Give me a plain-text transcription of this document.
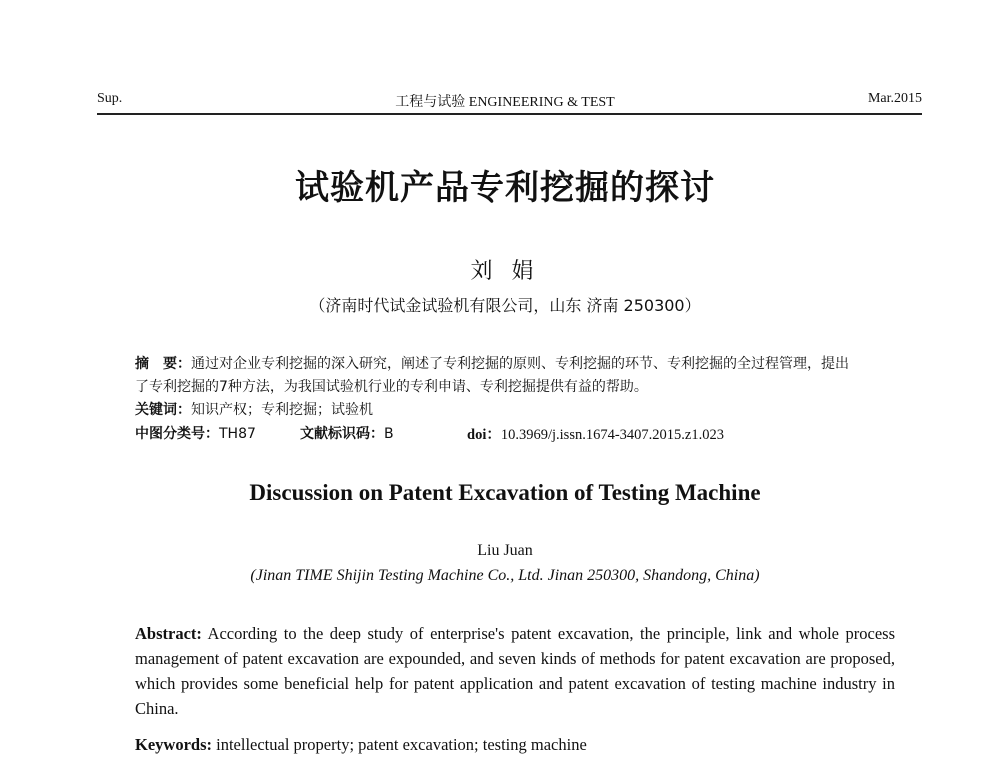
Sup.	工程与试验 ENGINEERING & TEST	Mar.2015
试验机产品专利挖掘的探讨
刘 娟
（济南时代试金试验机有限公司，山东 济南 250300）
摘　要：通过对企业专利挖掘的深入研究，阐述了专利挖掘的原则、专利挖掘的环节、专利挖掘的全过程管理，提出
了专利挖掘的7种方法，为我国试验机行业的专利申请、专利挖掘提供有益的帮助。
关键词：知识产权；专利挖掘；试验机
中图分类号：TH87	文献标识码：B	doi：10.3969/j.issn.1674-3407.2015.z1.023
Discussion on Patent Excavation of Testing Machine
Liu Juan
(Jinan TIME Shijin Testing Machine Co., Ltd. Jinan 250300, Shandong, China)
Abstract: According to the deep study of enterprise's patent excavation, the principle, link and whole process management of patent excavation are expounded, and seven kinds of methods for patent excavation are proposed, which provides some beneficial help for patent application and patent excavation of testing machine industry in China.
Keywords: intellectual property; patent excavation; testing machine
